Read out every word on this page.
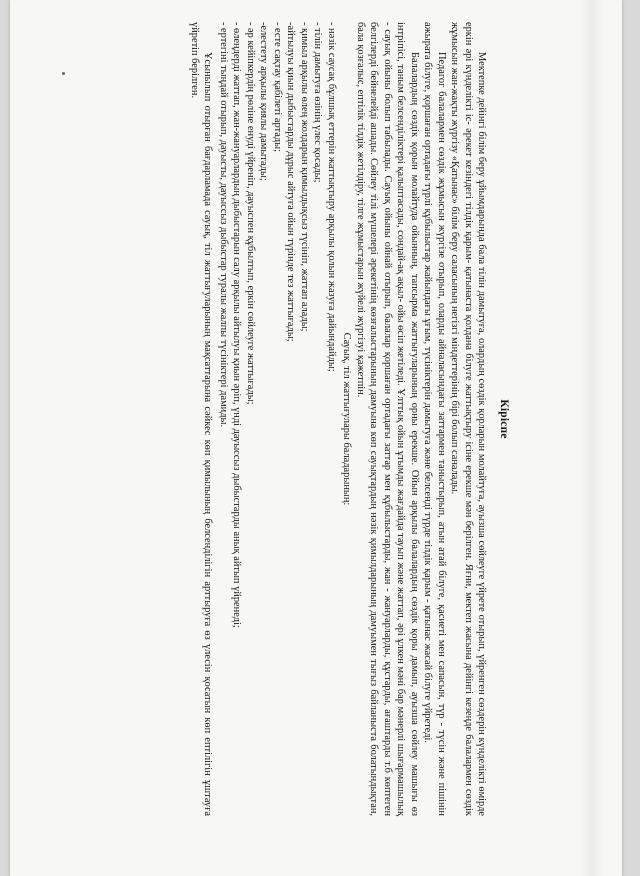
Кіріспе

Мектепке дейінгі білім беру ұйымдарында бала тілін дамытуға, олардың сөздік қорларын молайтуға, ауызша сөйлеуге үйрете отырып, үйренген сөздерін күнделікті өмірде еркін әрі күнделікті іс- әрекет кезіндегі тілдік қарым- қатынаста қолдана білуге жаттықтыру ісіне ерекше мән берілген. Яғни, мектеп жасына дейінгі кезеңде балалармен сөздік жұмысын жан-жақты жүргізу «Қатынас» білім беру саласының негізгі міндеттерінің бірі болып саналады.

Педагог балалармен сөздік жұмысын жүргізе отырып, оларды айналасындағы заттармен таныстырып, атын атай білуге, қасиеті мен сапасын, түр - түсін және пішінін ажырата білуге, қоршаған ортадағы түрлі құбылыстар жайындағы ұғым, түсініктерін дамытуға және белсенді түрде тілдік қарым - қатынас жасай білуге үйретеді.

Балалардың сөздік қорын молайтуда ойынның, тапсырма жаттығуларының орны ерекше. Ойын арқылы балалардың сөздік қоры дамып, ауызша сөйлеу машығы өз інтріпісі, таным белсенділіктері қалыптасады, сондай-ақ ақыл- ойы өсіп жетіледі. Ұлттық ойын ұтымды жағдайда тауып және жаттап, әрі ұлкен мәні бар мәнерлі шығармашылық - сауық ойыны болып табылады. Сауық ойыны ойнай отырып, балалар қоршаған ортадағы заттар мен құбылыстарды, жан - жануарларды, құстарды, ағаштарды т.б көптеген белгілерді бейнелейді ашады. Сөйлеу тілі мүшелері әрекетінің көзғалыстарының дамуына көп сауықтардың нәзік қимылдарының дамуымен тығыз байланыста болатындықтан, бала қозғалыс, ептілік тілдік жетілдіру, тілге жұмыстарын жүйелі жүргізуі қажетпін.

Сауық, тіл жаттығулары баладарының:

- нәзік саусақ бұлшық еттерін жаттықтыру арқылы қолын жазуға дайындайды;

- тілін дамытуға өзінің үлес қосады;

- қимыл арқылы өлең жолдарын қимылдықсыз түсініп, жаттап алады;

-айтылуы қиын дыбыстарды дұрыс айтуға ойын түрінде тез жаттығады;

- есте сақтау қабілеті артады;

-елестету арқылы қиялы дамытады;

- әр кейіпкердің рөліне енуді үйреніп, дауыспен құбылтып, еркін сөйлеуге жаттығады;

- өлеңдерді жаттап, жан-жануарлардың дыбыстарын салу арқылы айтылуы қиын әріп, үнді дауыссыз дыбыстарды анық айтып үйренеді;

- ертегіні тыңдай отырып, дауысты, дауыссыз дыбыстар туралы жалпы түсініктері дамиды.

Ұсынылып отырған бағдарламада сауық, тіл жаттығуларының мақсаттарына сәйкес көп қимылының белсенділігін арттыруға өз үлесін қосатын көп ептілігін ұштауға үйретіп берілген.
